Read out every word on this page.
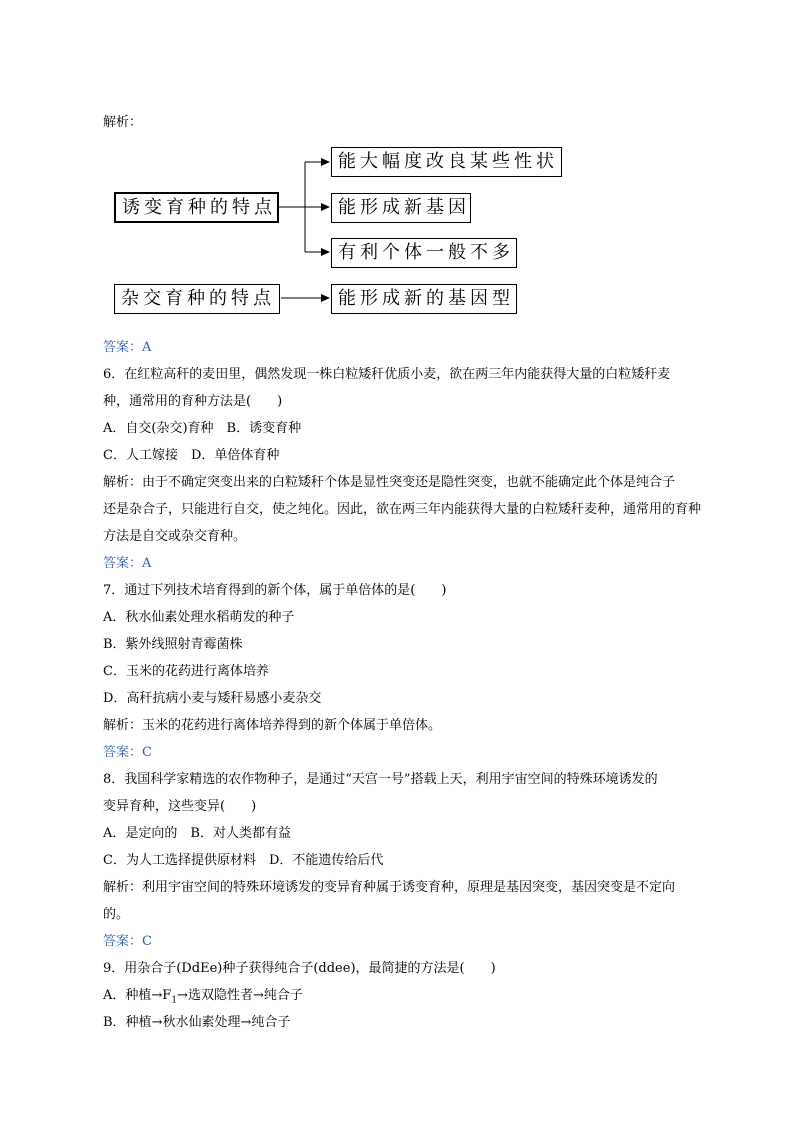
解析：

诱变育种的特点
能大幅度改良某些性状
能形成新基因
有利个体一般不多
杂交育种的特点	能形成新的基因型

答案：A

6．在红粒高秆的麦田里，偶然发现一株白粒矮秆优质小麦，欲在两三年内能获得大量的白粒矮秆麦

种，通常用的育种方法是(　　)

A．自交(杂交)育种　B．诱变育种

C．人工嫁接　D．单倍体育种

解析：由于不确定突变出来的白粒矮秆个体是显性突变还是隐性突变，也就不能确定此个体是纯合子

还是杂合子，只能进行自交，使之纯化。因此，欲在两三年内能获得大量的白粒矮秆麦种，通常用的育种

方法是自交或杂交育种。

答案：A

7．通过下列技术培育得到的新个体，属于单倍体的是(　　)

A．秋水仙素处理水稻萌发的种子

B．紫外线照射青霉菌株

C．玉米的花药进行离体培养

D．高秆抗病小麦与矮秆易感小麦杂交

解析：玉米的花药进行离体培养得到的新个体属于单倍体。

答案：C

8．我国科学家精选的农作物种子，是通过“天宫一号”搭载上天，利用宇宙空间的特殊环境诱发的

变异育种，这些变异(　　)

A．是定向的　B．对人类都有益

C．为人工选择提供原材料　D．不能遗传给后代

解析：利用宇宙空间的特殊环境诱发的变异育种属于诱变育种，原理是基因突变，基因突变是不定向

的。

答案：C

9．用杂合子(DdEe)种子获得纯合子(ddee)，最简捷的方法是(　　)

A．种植$\to F_1\to$选双隐性者→纯合子

B．种植→秋水仙素处理→纯合子
